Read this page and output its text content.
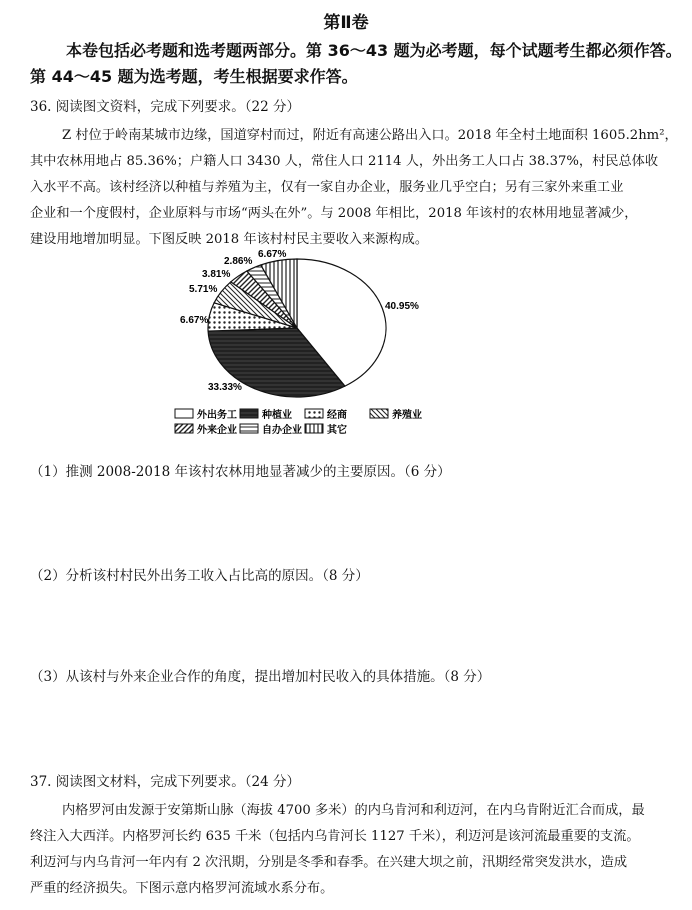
第Ⅱ卷
本卷包括必考题和选考题两部分。第 36～43 题为必考题，每个试题考生都必须作答。
第 44～45 题为选考题，考生根据要求作答。
36. 阅读图文资料，完成下列要求。（22 分）
Z 村位于岭南某城市边缘，国道穿村而过，附近有高速公路出入口。2018 年全村土地面积 1605.2hm²，
其中农林用地占 85.36%；户籍人口 3430 人，常住人口 2114 人，外出务工人口占 38.37%，村民总体收
入水平不高。该村经济以种植与养殖为主，仅有一家自办企业，服务业几乎空白；另有三家外来重工业
企业和一个度假村，企业原料与市场“两头在外”。与 2008 年相比，2018 年该村的农林用地显著减少，
建设用地增加明显。下图反映 2018 年该村村民主要收入来源构成。
40.95%
33.33%
6.67%
5.71%
3.81%
2.86%
6.67%
外出务工	种植业	经商	养殖业
外来企业	自办企业	其它
（1）推测 2008-2018 年该村农林用地显著减少的主要原因。（6 分）
（2）分析该村村民外出务工收入占比高的原因。（8 分）
（3）从该村与外来企业合作的角度，提出增加村民收入的具体措施。（8 分）
37. 阅读图文材料，完成下列要求。（24 分）
内格罗河由发源于安第斯山脉（海拔 4700 多米）的内乌肯河和利迈河，在内乌肯附近汇合而成，最
终注入大西洋。内格罗河长约 635 千米（包括内乌肯河长 1127 千米），利迈河是该河流最重要的支流。
利迈河与内乌肯河一年内有 2 次汛期，分别是冬季和春季。在兴建大坝之前，汛期经常突发洪水，造成
严重的经济损失。下图示意内格罗河流域水系分布。
